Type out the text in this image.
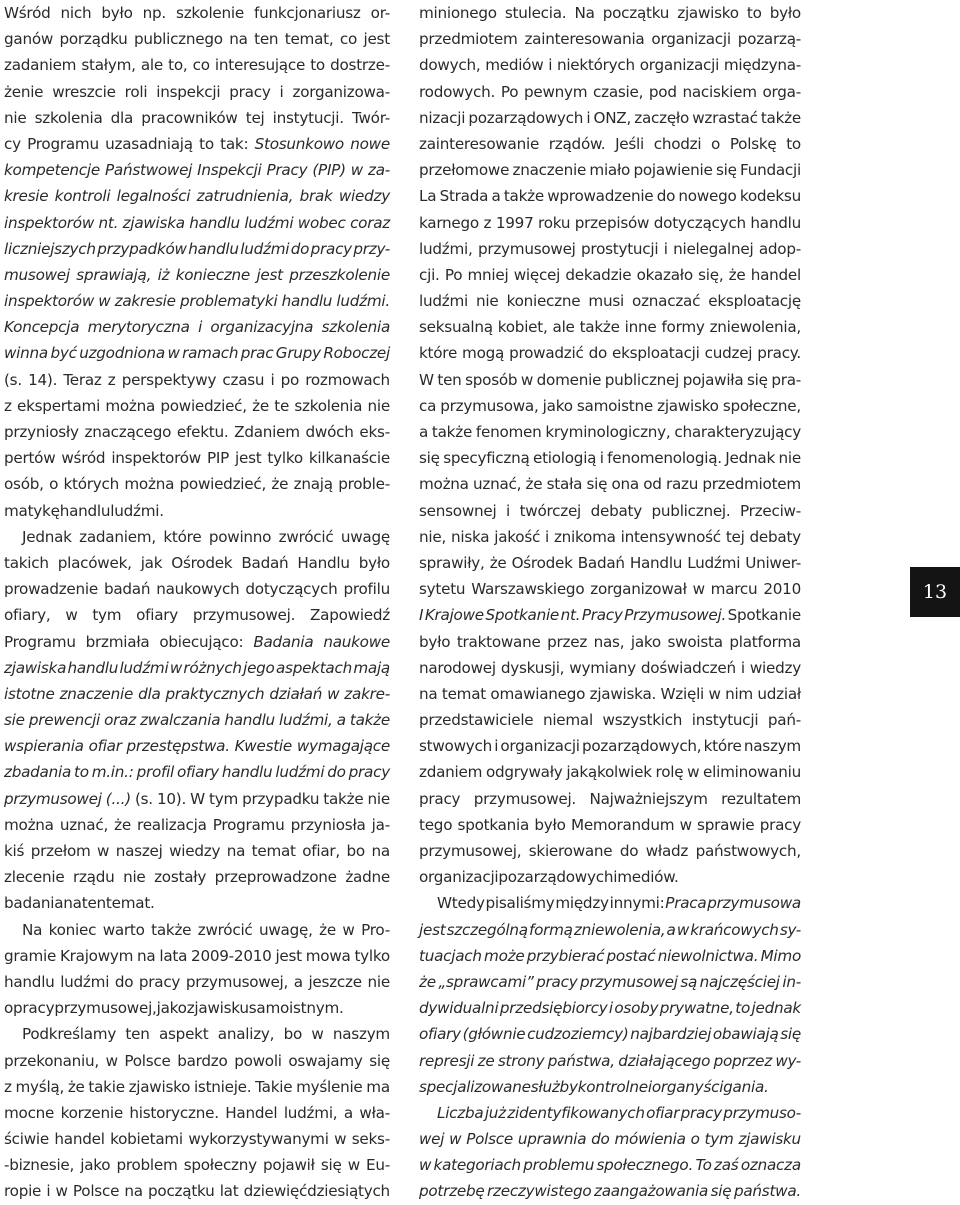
Wśród nich było np. szkolenie funkcjonariusz or-
ganów porządku publicznego na ten temat, co jest
zadaniem stałym, ale to, co interesujące to dostrze-
żenie wreszcie roli inspekcji pracy i zorganizowa-
nie szkolenia dla pracowników tej instytucji. Twór-
cy Programu uzasadniają to tak: Stosunkowo nowe
kompetencje Państwowej Inspekcji Pracy (PIP) w za-
kresie kontroli legalności zatrudnienia, brak wiedzy
inspektorów nt. zjawiska handlu ludźmi wobec coraz
liczniejszych przypadków handlu ludźmi do pracy przy-
musowej sprawiają, iż konieczne jest przeszkolenie
inspektorów w zakresie problematyki handlu ludźmi.
Koncepcja merytoryczna i organizacyjna szkolenia
winna być uzgodniona w ramach prac Grupy Roboczej
(s. 14). Teraz z perspektywy czasu i po rozmowach
z ekspertami można powiedzieć, że te szkolenia nie
przyniosły znaczącego efektu. Zdaniem dwóch eks-
pertów wśród inspektorów PIP jest tylko kilkanaście
osób, o których można powiedzieć, że znają proble-
matykę handlu ludźmi.
Jednak zadaniem, które powinno zwrócić uwagę
takich placówek, jak Ośrodek Badań Handlu było
prowadzenie badań naukowych dotyczących profilu
ofiary, w tym ofiary przymusowej. Zapowiedź
Programu brzmiała obiecująco: Badania naukowe
zjawiska handlu ludźmi w różnych jego aspektach mają
istotne znaczenie dla praktycznych działań w zakre-
sie prewencji oraz zwalczania handlu ludźmi, a także
wspierania ofiar przestępstwa. Kwestie wymagające
zbadania to m.in.: profil ofiary handlu ludźmi do pracy
przymusowej (...) (s. 10). W tym przypadku także nie
można uznać, że realizacja Programu przyniosła ja-
kiś przełom w naszej wiedzy na temat ofiar, bo na
zlecenie rządu nie zostały przeprowadzone żadne
badania na ten temat.
Na koniec warto także zwrócić uwagę, że w Pro-
gramie Krajowym na lata 2009-2010 jest mowa tylko
handlu ludźmi do pracy przymusowej, a jeszcze nie
o pracy przymusowej, jako zjawisku samoistnym.
Podkreślamy ten aspekt analizy, bo w naszym
przekonaniu, w Polsce bardzo powoli oswajamy się
z myślą, że takie zjawisko istnieje. Takie myślenie ma
mocne korzenie historyczne. Handel ludźmi, a wła-
ściwie handel kobietami wykorzystywanymi w seks-
-biznesie, jako problem społeczny pojawił się w Eu-
ropie i w Polsce na początku lat dziewięćdziesiątych
minionego stulecia. Na początku zjawisko to było
przedmiotem zainteresowania organizacji pozarzą-
dowych, mediów i niektórych organizacji międzyna-
rodowych. Po pewnym czasie, pod naciskiem orga-
nizacji pozarządowych i ONZ, zaczęło wzrastać także
zainteresowanie rządów. Jeśli chodzi o Polskę to
przełomowe znaczenie miało pojawienie się Fundacji
La Strada a także wprowadzenie do nowego kodeksu
karnego z 1997 roku przepisów dotyczących handlu
ludźmi, przymusowej prostytucji i nielegalnej adop-
cji. Po mniej więcej dekadzie okazało się, że handel
ludźmi nie konieczne musi oznaczać eksploatację
seksualną kobiet, ale także inne formy zniewolenia,
które mogą prowadzić do eksploatacji cudzej pracy.
W ten sposób w domenie publicznej pojawiła się pra-
ca przymusowa, jako samoistne zjawisko społeczne,
a także fenomen kryminologiczny, charakteryzujący
się specyficzną etiologią i fenomenologią. Jednak nie
można uznać, że stała się ona od razu przedmiotem
sensownej i twórczej debaty publicznej. Przeciw-
nie, niska jakość i znikoma intensywność tej debaty
sprawiły, że Ośrodek Badań Handlu Ludźmi Uniwer-
sytetu Warszawskiego zorganizował w marcu 2010
I Krajowe Spotkanie nt. Pracy Przymusowej. Spotkanie
było traktowane przez nas, jako swoista platforma
narodowej dyskusji, wymiany doświadczeń i wiedzy
na temat omawianego zjawiska. Wzięli w nim udział
przedstawiciele niemal wszystkich instytucji pań-
stwowych i organizacji pozarządowych, które naszym
zdaniem odgrywały jakąkolwiek rolę w eliminowaniu
pracy przymusowej. Najważniejszym rezultatem
tego spotkania było Memorandum w sprawie pracy
przymusowej, skierowane do władz państwowych,
organizacji pozarządowych i mediów.
Wtedy pisaliśmy między innymi: Praca przymusowa
jest szczególną formą zniewolenia, a w krańcowych sy-
tuacjach może przybierać postać niewolnictwa. Mimo
że „sprawcami” pracy przymusowej są najczęściej in-
dywidualni przedsiębiorcy i osoby prywatne, to jednak
ofiary (głównie cudzoziemcy) najbardziej obawiają się
represji ze strony państwa, działającego poprzez wy-
specjalizowane służby kontrolne i organy ścigania.
Liczba już zidentyfikowanych ofiar pracy przymuso-
wej w Polsce uprawnia do mówienia o tym zjawisku
w kategoriach problemu społecznego. To zaś oznacza
potrzebę rzeczywistego zaangażowania się państwa.
13
